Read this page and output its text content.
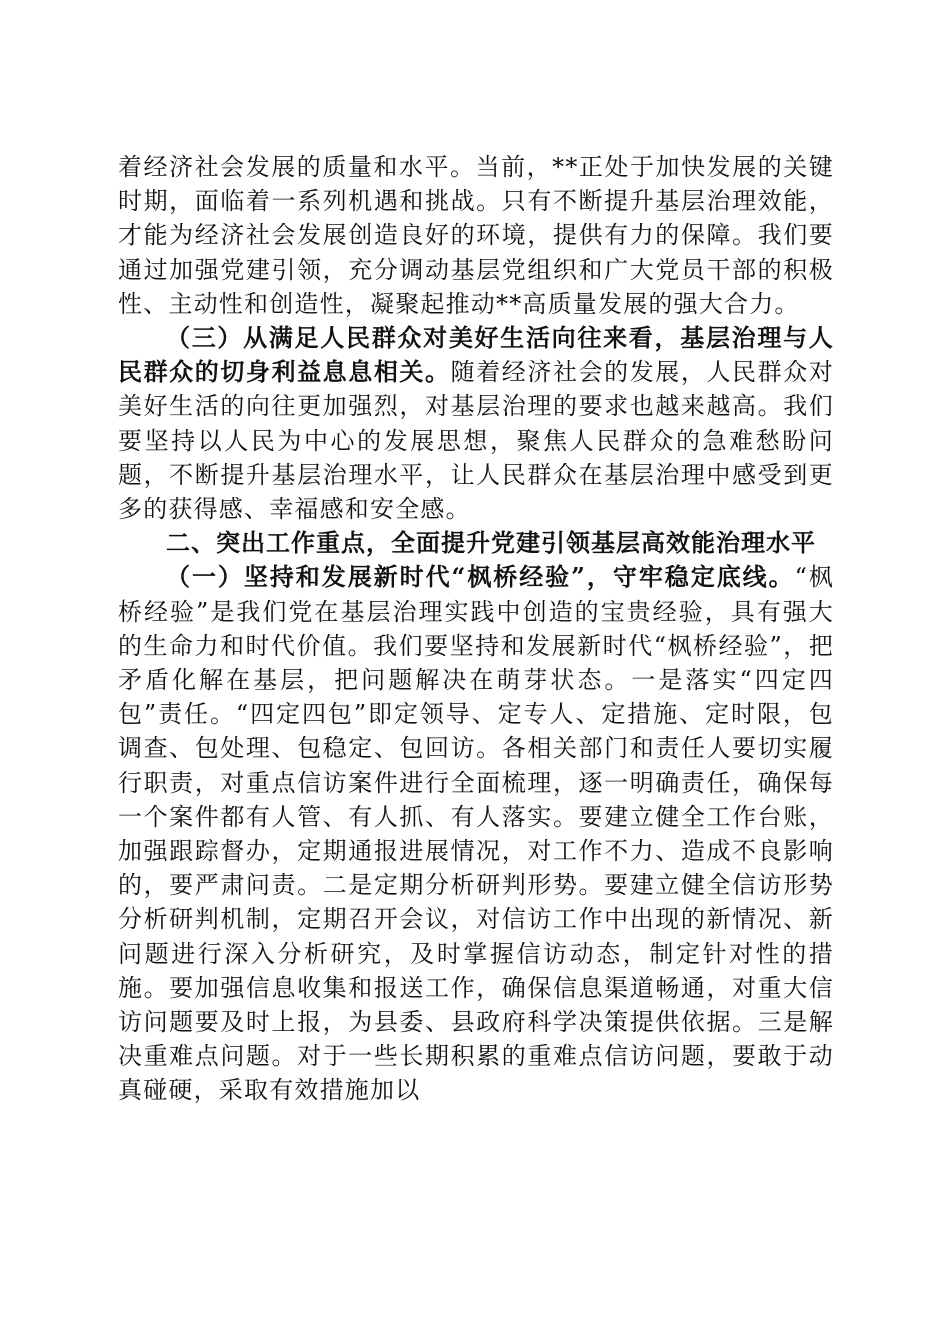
着经济社会发展的质量和水平。当前，**正处于加快发展的关键时期，面临着一系列机遇和挑战。只有不断提升基层治理效能，才能为经济社会发展创造良好的环境，提供有力的保障。我们要通过加强党建引领，充分调动基层党组织和广大党员干部的积极性、主动性和创造性，凝聚起推动**高质量发展的强大合力。

（三）从满足人民群众对美好生活向往来看，基层治理与人民群众的切身利益息息相关。随着经济社会的发展，人民群众对美好生活的向往更加强烈，对基层治理的要求也越来越高。我们要坚持以人民为中心的发展思想，聚焦人民群众的急难愁盼问题，不断提升基层治理水平，让人民群众在基层治理中感受到更多的获得感、幸福感和安全感。

二、突出工作重点，全面提升党建引领基层高效能治理水平

（一）坚持和发展新时代“枫桥经验”，守牢稳定底线。“枫桥经验”是我们党在基层治理实践中创造的宝贵经验，具有强大的生命力和时代价值。我们要坚持和发展新时代“枫桥经验”，把矛盾化解在基层，把问题解决在萌芽状态。一是落实“四定四包”责任。“四定四包”即定领导、定专人、定措施、定时限，包调查、包处理、包稳定、包回访。各相关部门和责任人要切实履行职责，对重点信访案件进行全面梳理，逐一明确责任，确保每一个案件都有人管、有人抓、有人落实。要建立健全工作台账，加强跟踪督办，定期通报进展情况，对工作不力、造成不良影响的，要严肃问责。二是定期分析研判形势。要建立健全信访形势分析研判机制，定期召开会议，对信访工作中出现的新情况、新问题进行深入分析研究，及时掌握信访动态，制定针对性的措施。要加强信息收集和报送工作，确保信息渠道畅通，对重大信访问题要及时上报，为县委、县政府科学决策提供依据。三是解决重难点问题。对于一些长期积累的重难点信访问题，要敢于动真碰硬，采取有效措施加以
